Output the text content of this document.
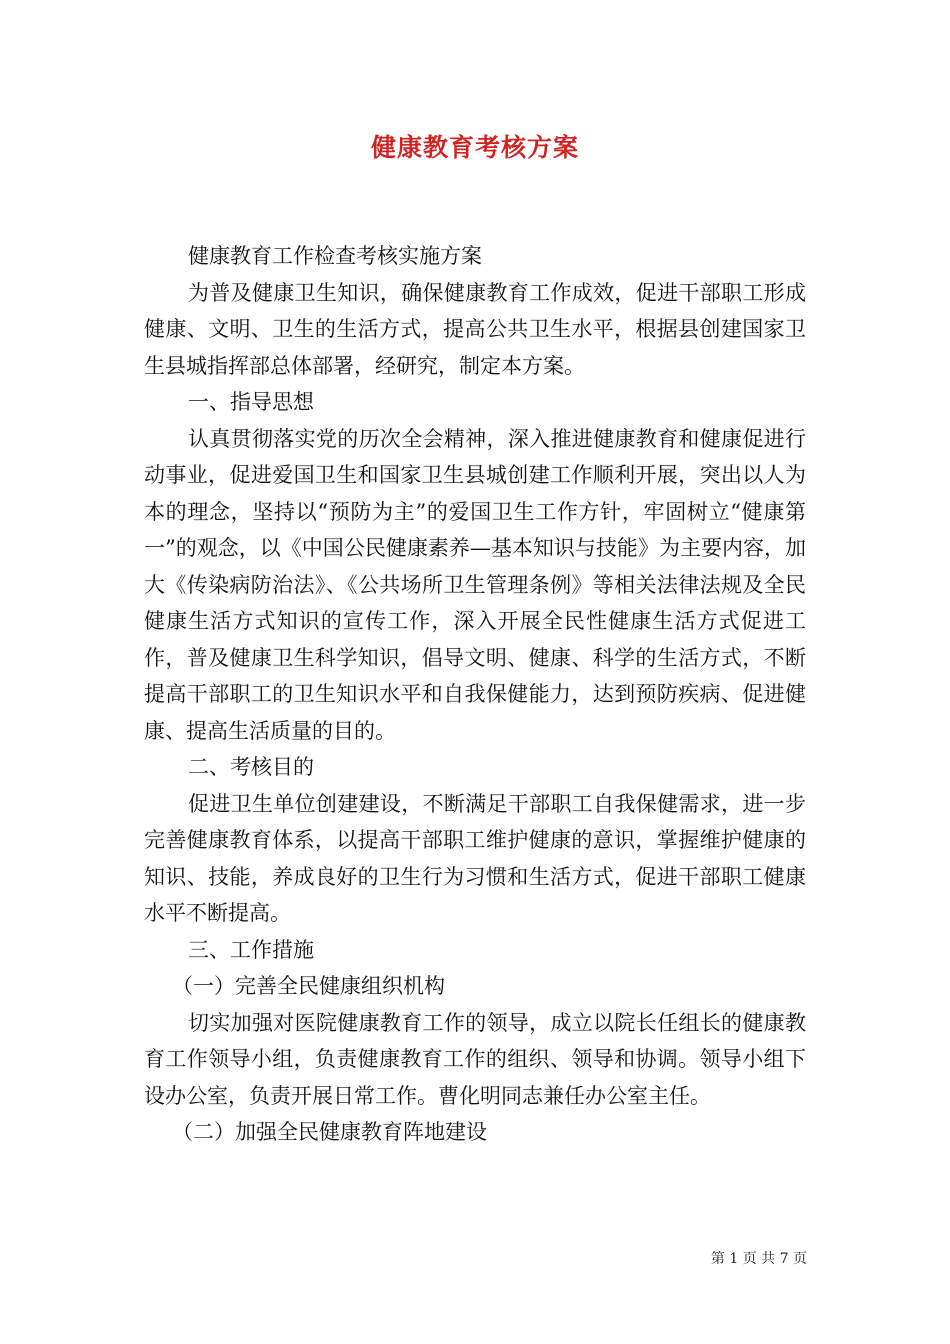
健康教育考核方案

健康教育工作检查考核实施方案

为普及健康卫生知识，确保健康教育工作成效，促进干部职工形成健康、文明、卫生的生活方式，提高公共卫生水平，根据县创建国家卫生县城指挥部总体部署，经研究，制定本方案。

一、指导思想

认真贯彻落实党的历次全会精神，深入推进健康教育和健康促进行动事业，促进爱国卫生和国家卫生县城创建工作顺利开展，突出以人为本的理念，坚持以“预防为主”的爱国卫生工作方针，牢固树立“健康第一”的观念，以《中国公民健康素养—基本知识与技能》为主要内容，加大《传染病防治法》、《公共场所卫生管理条例》等相关法律法规及全民健康生活方式知识的宣传工作，深入开展全民性健康生活方式促进工作，普及健康卫生科学知识，倡导文明、健康、科学的生活方式，不断提高干部职工的卫生知识水平和自我保健能力，达到预防疾病、促进健康、提高生活质量的目的。

二、考核目的

促进卫生单位创建建设，不断满足干部职工自我保健需求，进一步完善健康教育体系，以提高干部职工维护健康的意识，掌握维护健康的知识、技能，养成良好的卫生行为习惯和生活方式，促进干部职工健康水平不断提高。

三、工作措施

（一）完善全民健康组织机构

切实加强对医院健康教育工作的领导，成立以院长任组长的健康教育工作领导小组，负责健康教育工作的组织、领导和协调。领导小组下设办公室，负责开展日常工作。曹化明同志兼任办公室主任。

（二）加强全民健康教育阵地建设

第 1 页 共 7 页
